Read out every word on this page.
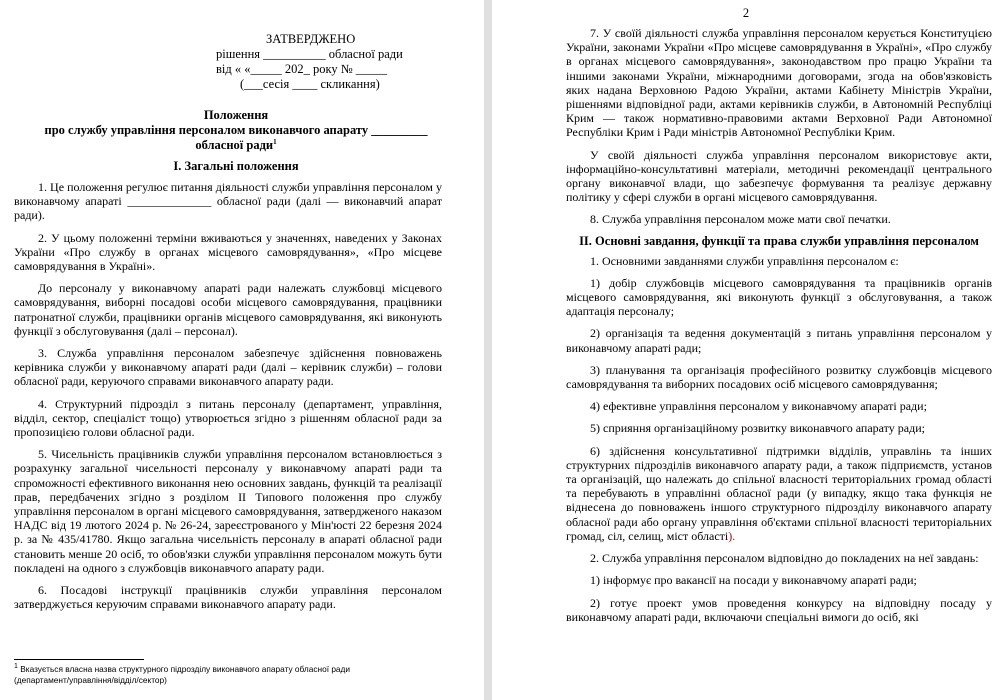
ЗАТВЕРДЖЕНО

рішення __________ обласної ради

від « «_____ 202_ року № _____

(___сесія ____ скликання)

Положення

про службу управління персоналом виконавчого апарату _________

обласної ради$^1$

І. Загальні положення

1. Це положення регулює питання діяльності служби управління персоналом у виконавчому апараті ______________ обласної ради (далі — виконавчий апарат ради).

2. У цьому положенні терміни вживаються у значеннях, наведених у Законах України «Про службу в органах місцевого самоврядування», «Про місцеве самоврядування в Україні».

До персоналу у виконавчому апараті ради належать службовці місцевого самоврядування, виборні посадові особи місцевого самоврядування, працівники патронатної служби, працівники органів місцевого самоврядування, які виконують функції з обслуговування (далі – персонал).

3. Служба управління персоналом забезпечує здійснення повноважень керівника служби у виконавчому апараті ради (далі – керівник служби) – голови обласної ради, керуючого справами виконавчого апарату ради.

4. Структурний підрозділ з питань персоналу (департамент, управління, відділ, сектор, спеціаліст тощо) утворюється згідно з рішенням обласної ради за пропозицією голови обласної ради.

5. Чисельність працівників служби управління персоналом встановлюється з розрахунку загальної чисельності персоналу у виконавчому апараті ради та спроможності ефективного виконання нею основних завдань, функцій та реалізації прав, передбачених згідно з розділом ІІ Типового положення про службу управління персоналом в органі місцевого самоврядування, затвердженого наказом НАДС від 19 лютого 2024 р. № 26-24, зареєстрованого у Мін'юсті 22 березня 2024 р. за № 435/41780. Якщо загальна чисельність персоналу в апараті обласної ради становить менше 20 осіб, то обов'язки служби управління персоналом можуть бути покладені на одного з службовців виконавчого апарату ради.

6. Посадові інструкції працівників служби управління персоналом затверджується керуючим справами виконавчого апарату ради.

$^1$ Вказується власна назва структурного підрозділу виконавчого апарату обласної ради
(департамент/управління/відділ/сектор)

2

7. У своїй діяльності служба управління персоналом керується Конституцією України, законами України «Про місцеве самоврядування в Україні», «Про службу в органах місцевого самоврядування», законодавством про працю України та іншими законами України, міжнародними договорами, згода на обов'язковість яких надана Верховною Радою України, актами Кабінету Міністрів України, рішеннями відповідної ради, актами керівників служби, в Автономній Республіці Крим — також нормативно-правовими актами Верховної Ради Автономної Республіки Крим і Ради міністрів Автономної Республіки Крим.

У своїй діяльності служба управління персоналом використовує акти, інформаційно-консультативні матеріали, методичні рекомендації центрального органу виконавчої влади, що забезпечує формування та реалізує державну політику у сфері служби в органі місцевого самоврядування.

8. Служба управління персоналом може мати свої печатки.

ІІ. Основні завдання, функції та права служби управління персоналом

1. Основними завданнями служби управління персоналом є:

1) добір службовців місцевого самоврядування та працівників органів місцевого самоврядування, які виконують функції з обслуговування, а також адаптація персоналу;

2) організація та ведення документацій з питань управління персоналом у виконавчому апараті ради;

3) планування та організація професійного розвитку службовців місцевого самоврядування та виборних посадових осіб місцевого самоврядування;

4) ефективне управління персоналом у виконавчому апараті ради;

5) сприяння організаційному розвитку виконавчого апарату ради;

6) здійснення консультативної підтримки відділів, управлінь та інших структурних підрозділів виконавчого апарату ради, а також підприємств, установ та організацій, що належать до спільної власності територіальних громад області та перебувають в управлінні обласної ради (у випадку, якщо така функція не віднесена до повноважень іншого структурного підрозділу виконавчого апарату обласної ради або органу управління об'єктами спільної власності територіальних громад, сіл, селищ, міст області).

2. Служба управління персоналом відповідно до покладених на неї завдань:

1) інформує про вакансії на посади у виконавчому апараті ради;

2) готує проект умов проведення конкурсу на відповідну посаду у виконавчому апараті ради, включаючи спеціальні вимоги до осіб, які
